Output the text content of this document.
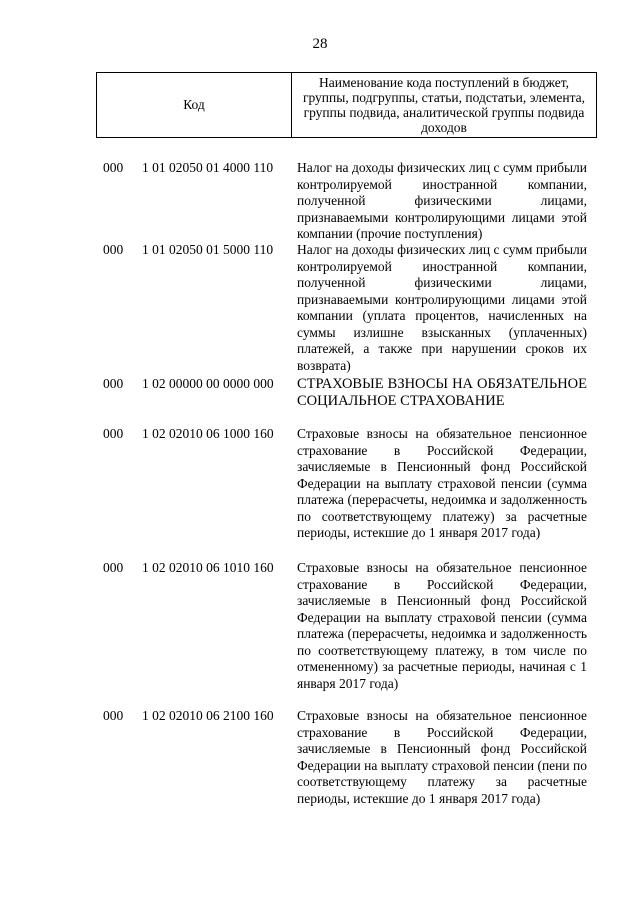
28
Код
Наименование кода поступлений в бюджет, группы, подгруппы, статьи, подстатьи, элемента, группы подвида, аналитической группы подвида доходов
000 1 01 02050 01 4000 110 Налог на доходы физических лиц с сумм прибыли контролируемой иностранной компании, полученной физическими лицами, признаваемыми контролирующими лицами этой компании (прочие поступления)
000 1 01 02050 01 5000 110 Налог на доходы физических лиц с сумм прибыли контролируемой иностранной компании, полученной физическими лицами, признаваемыми контролирующими лицами этой компании (уплата процентов, начисленных на суммы излишне взысканных (уплаченных) платежей, а также при нарушении сроков их возврата)
000 1 02 00000 00 0000 000 СТРАХОВЫЕ ВЗНОСЫ НА ОБЯЗАТЕЛЬНОЕ СОЦИАЛЬНОЕ СТРАХОВАНИЕ
000 1 02 02010 06 1000 160 Страховые взносы на обязательное пенсионное страхование в Российской Федерации, зачисляемые в Пенсионный фонд Российской Федерации на выплату страховой пенсии (сумма платежа (перерасчеты, недоимка и задолженность по соответствующему платежу) за расчетные периоды, истекшие до 1 января 2017 года)
000 1 02 02010 06 1010 160 Страховые взносы на обязательное пенсионное страхование в Российской Федерации, зачисляемые в Пенсионный фонд Российской Федерации на выплату страховой пенсии (сумма платежа (перерасчеты, недоимка и задолженность по соответствующему платежу, в том числе по отмененному) за расчетные периоды, начиная с 1 января 2017 года)
000 1 02 02010 06 2100 160 Страховые взносы на обязательное пенсионное страхование в Российской Федерации, зачисляемые в Пенсионный фонд Российской Федерации на выплату страховой пенсии (пени по соответствующему платежу за расчетные периоды, истекшие до 1 января 2017 года)
